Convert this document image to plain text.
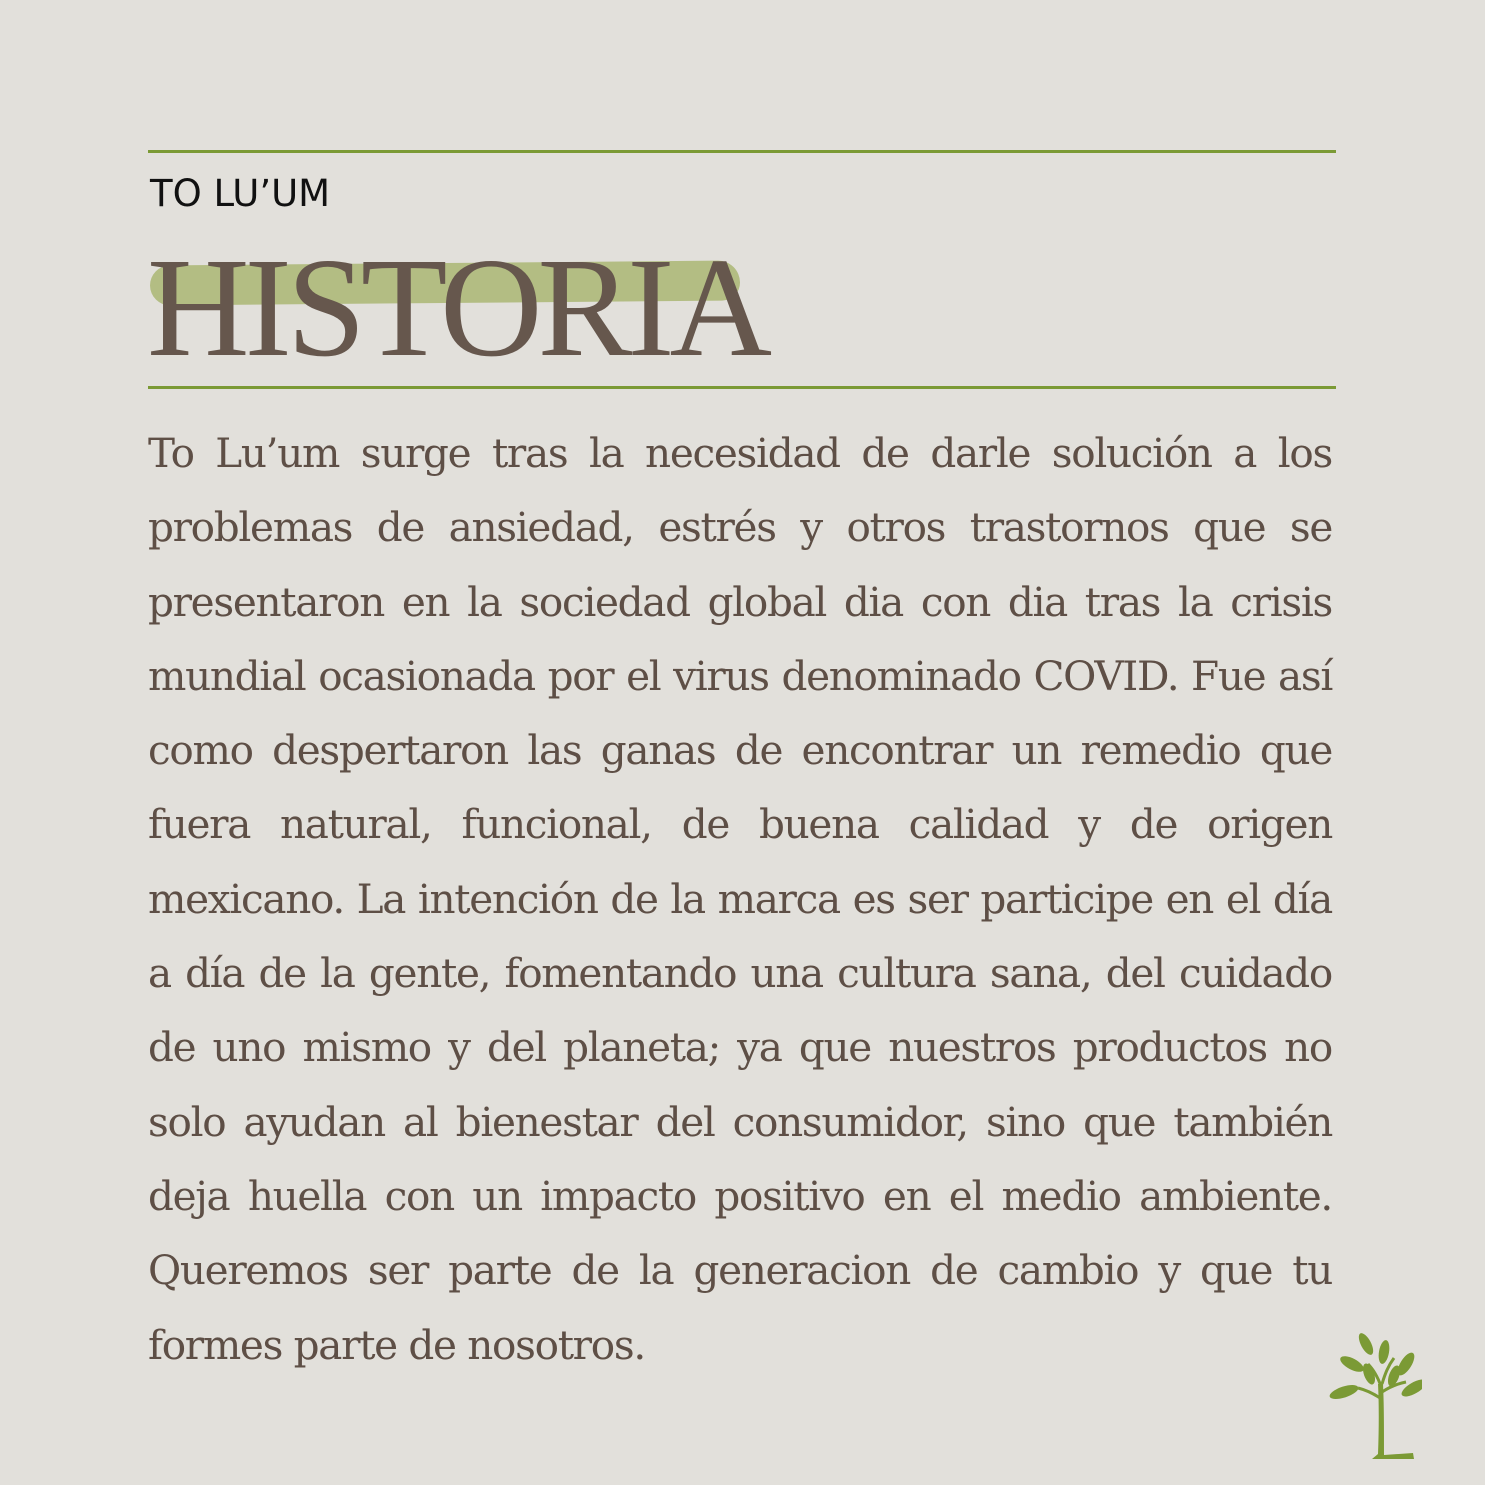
TO LU’UM
HISTORIA

To Lu’um surge tras la necesidad de darle solución a los problemas de ansiedad, estrés y otros trastornos que se presentaron en la sociedad global dia con dia tras la crisis mundial ocasionada por el virus denominado COVID. Fue así como despertaron las ganas de encontrar un remedio que fuera natural, funcional, de buena calidad y de origen mexicano. La intención de la marca es ser participe en el día a día de la gente, fomentando una cultura sana, del cuidado de uno mismo y del planeta; ya que nuestros productos no solo ayudan al bienestar del consumidor, sino que también deja huella con un impacto positivo en el medio ambiente. Queremos ser parte de la generacion de cambio y que tu formes parte de nosotros.
